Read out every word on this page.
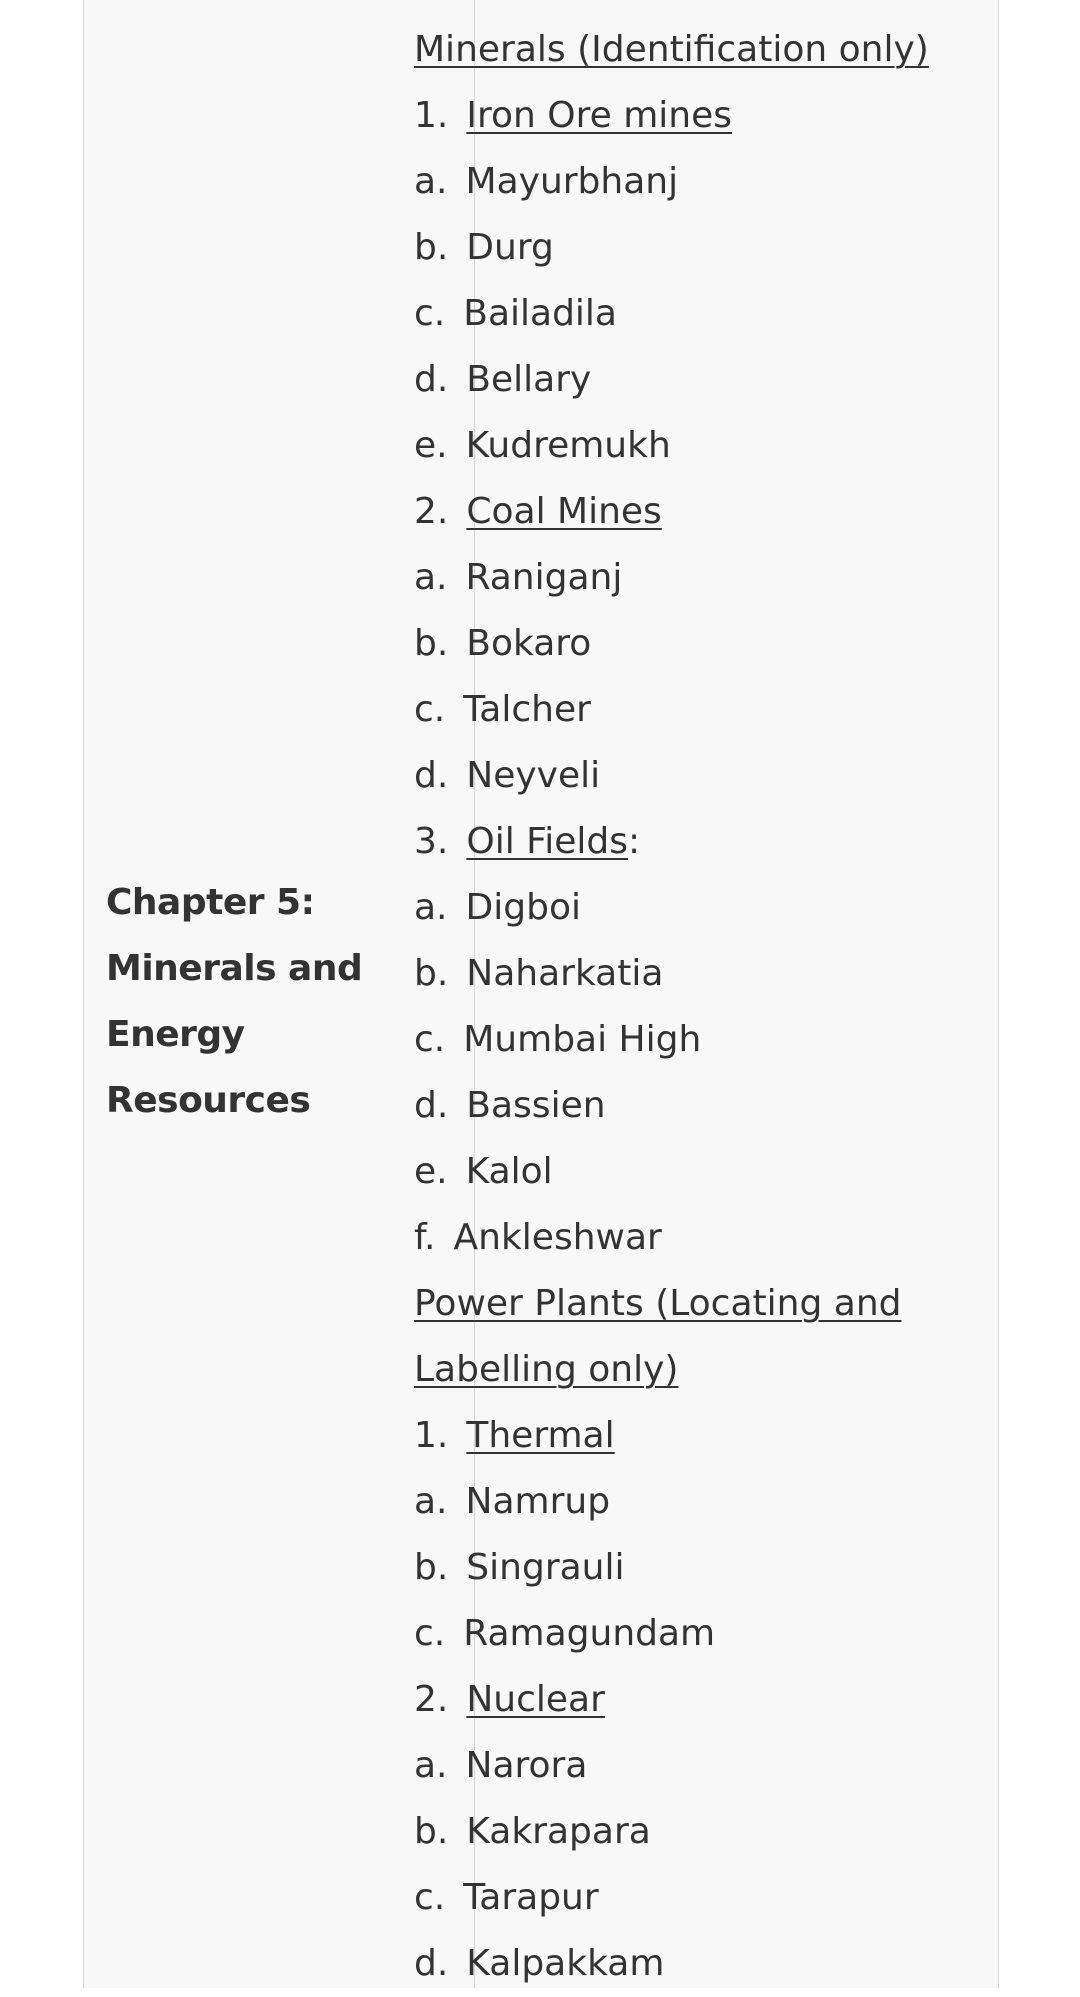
Chapter 5:
Minerals and
Energy
Resources
Minerals (Identification only)
1. Iron Ore mines
a. Mayurbhanj
b. Durg
c. Bailadila
d. Bellary
e. Kudremukh
2. Coal Mines
a. Raniganj
b. Bokaro
c. Talcher
d. Neyveli
3. Oil Fields:
a. Digboi
b. Naharkatia
c. Mumbai High
d. Bassien
e. Kalol
f. Ankleshwar
Power Plants (Locating and Labelling only)
1. Thermal
a. Namrup
b. Singrauli
c. Ramagundam
2. Nuclear
a. Narora
b. Kakrapara
c. Tarapur
d. Kalpakkam
